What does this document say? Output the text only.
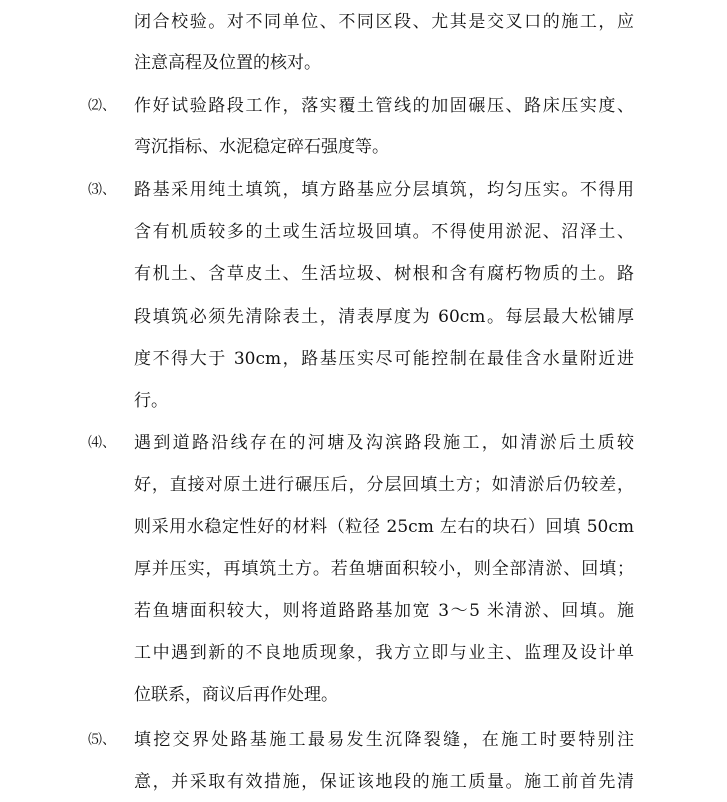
闭合校验。对不同单位、不同区段、尤其是交叉口的施工，应
注意高程及位置的核对。
⑵、	作好试验路段工作，落实覆土管线的加固碾压、路床压实度、
弯沉指标、水泥稳定碎石强度等。
⑶、	路基采用纯土填筑，填方路基应分层填筑，均匀压实。不得用
含有机质较多的土或生活垃圾回填。不得使用淤泥、沼泽土、
有机土、含草皮土、生活垃圾、树根和含有腐朽物质的土。路
段填筑必须先清除表土，清表厚度为 60cm。每层最大松铺厚
度不得大于 30cm，路基压实尽可能控制在最佳含水量附近进
行。
⑷、	遇到道路沿线存在的河塘及沟滨路段施工，如清淤后土质较
好，直接对原土进行碾压后，分层回填土方；如清淤后仍较差，
则采用水稳定性好的材料（粒径 25cm 左右的块石）回填 50cm
厚并压实，再填筑土方。若鱼塘面积较小，则全部清淤、回填；
若鱼塘面积较大，则将道路路基加宽 3～5 米清淤、回填。施
工中遇到新的不良地质现象，我方立即与业主、监理及设计单
位联系，商议后再作处理。
⑸、	填挖交界处路基施工最易发生沉降裂缝，在施工时要特别注
意，并采取有效措施，保证该地段的施工质量。施工前首先清
